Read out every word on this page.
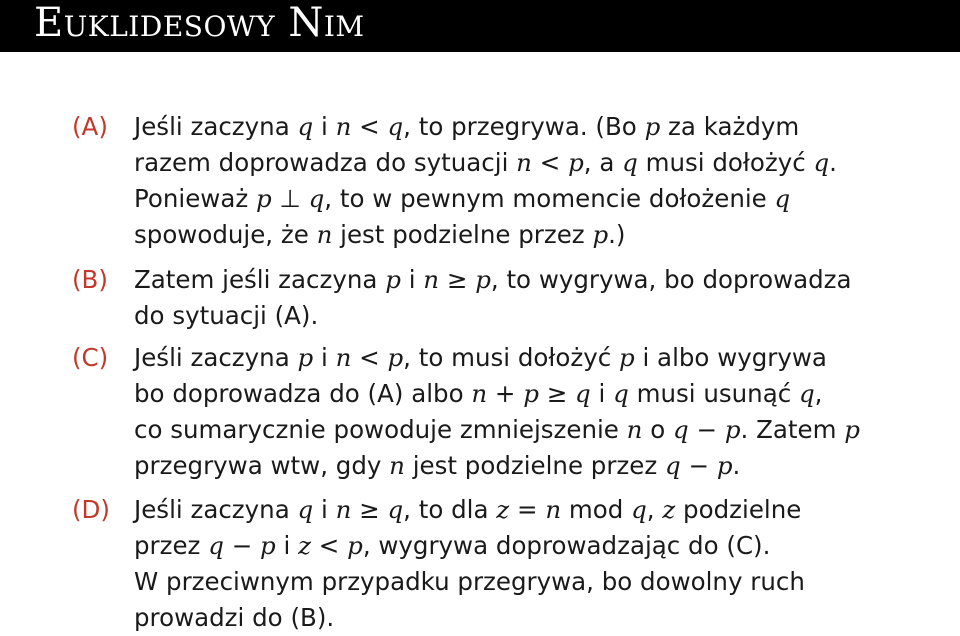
Euklidesowy Nim
(A) Jeśli zaczyna q i n < q, to przegrywa. (Bo p za każdym
razem doprowadza do sytuacji n < p, a q musi dołożyć q.
Ponieważ p ⊥ q, to w pewnym momencie dołożenie q
spowoduje, że n jest podzielne przez p.)
(B) Zatem jeśli zaczyna p i n ≥ p, to wygrywa, bo doprowadza
do sytuacji (A).
(C) Jeśli zaczyna p i n < p, to musi dołożyć p i albo wygrywa
bo doprowadza do (A) albo n + p ≥ q i q musi usunąć q,
co sumarycznie powoduje zmniejszenie n o q − p. Zatem p
przegrywa wtw, gdy n jest podzielne przez q − p.
(D) Jeśli zaczyna q i n ≥ q, to dla z = n mod q, z podzielne
przez q − p i z < p, wygrywa doprowadzając do (C).
W przeciwnym przypadku przegrywa, bo dowolny ruch
prowadzi do (B).
